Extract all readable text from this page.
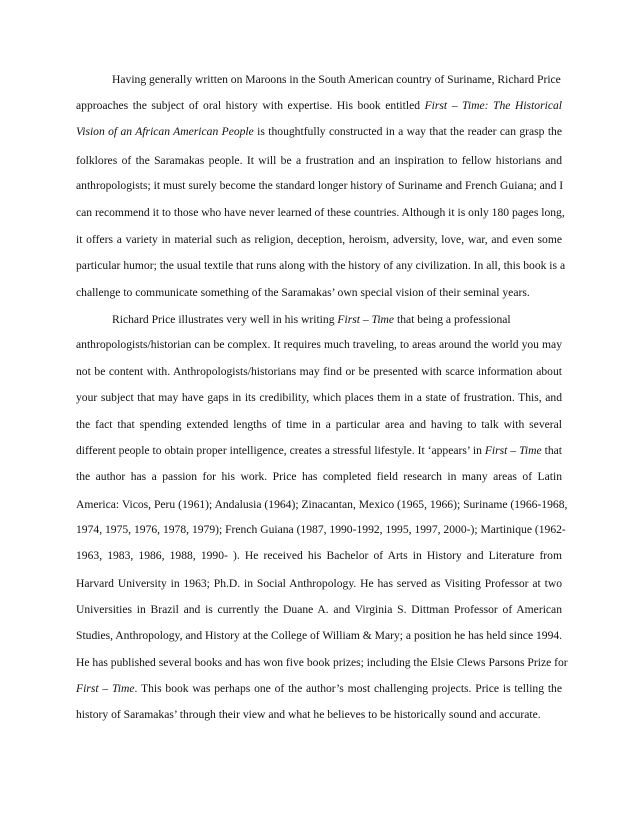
Having generally written on Maroons in the South American country of Suriname, Richard Price

approaches the subject of oral history with expertise. His book entitled First – Time: The Historical

Vision of an African American People is thoughtfully constructed in a way that the reader can grasp the

folklores of the Saramakas people. It will be a frustration and an inspiration to fellow historians and

anthropologists; it must surely become the standard longer history of Suriname and French Guiana; and I

can recommend it to those who have never learned of these countries. Although it is only 180 pages long,

it offers a variety in material such as religion, deception, heroism, adversity, love, war, and even some

particular humor; the usual textile that runs along with the history of any civilization. In all, this book is a

challenge to communicate something of the Saramakas’ own special vision of their seminal years.

Richard Price illustrates very well in his writing First – Time that being a professional

anthropologists/historian can be complex. It requires much traveling, to areas around the world you may

not be content with. Anthropologists/historians may find or be presented with scarce information about

your subject that may have gaps in its credibility, which places them in a state of frustration. This, and

the fact that spending extended lengths of time in a particular area and having to talk with several

different people to obtain proper intelligence, creates a stressful lifestyle. It ‘appears’ in First – Time that

the author has a passion for his work. Price has completed field research in many areas of Latin

America: Vicos, Peru (1961); Andalusia (1964); Zinacantan, Mexico (1965, 1966); Suriname (1966-1968,

1974, 1975, 1976, 1978, 1979); French Guiana (1987, 1990-1992, 1995, 1997, 2000-); Martinique (1962-

1963, 1983, 1986, 1988, 1990- ). He received his Bachelor of Arts in History and Literature from

Harvard University in 1963; Ph.D. in Social Anthropology. He has served as Visiting Professor at two

Universities in Brazil and is currently the Duane A. and Virginia S. Dittman Professor of American

Studies, Anthropology, and History at the College of William & Mary; a position he has held since 1994.

He has published several books and has won five book prizes; including the Elsie Clews Parsons Prize for

First – Time. This book was perhaps one of the author’s most challenging projects. Price is telling the

history of Saramakas’ through their view and what he believes to be historically sound and accurate.
